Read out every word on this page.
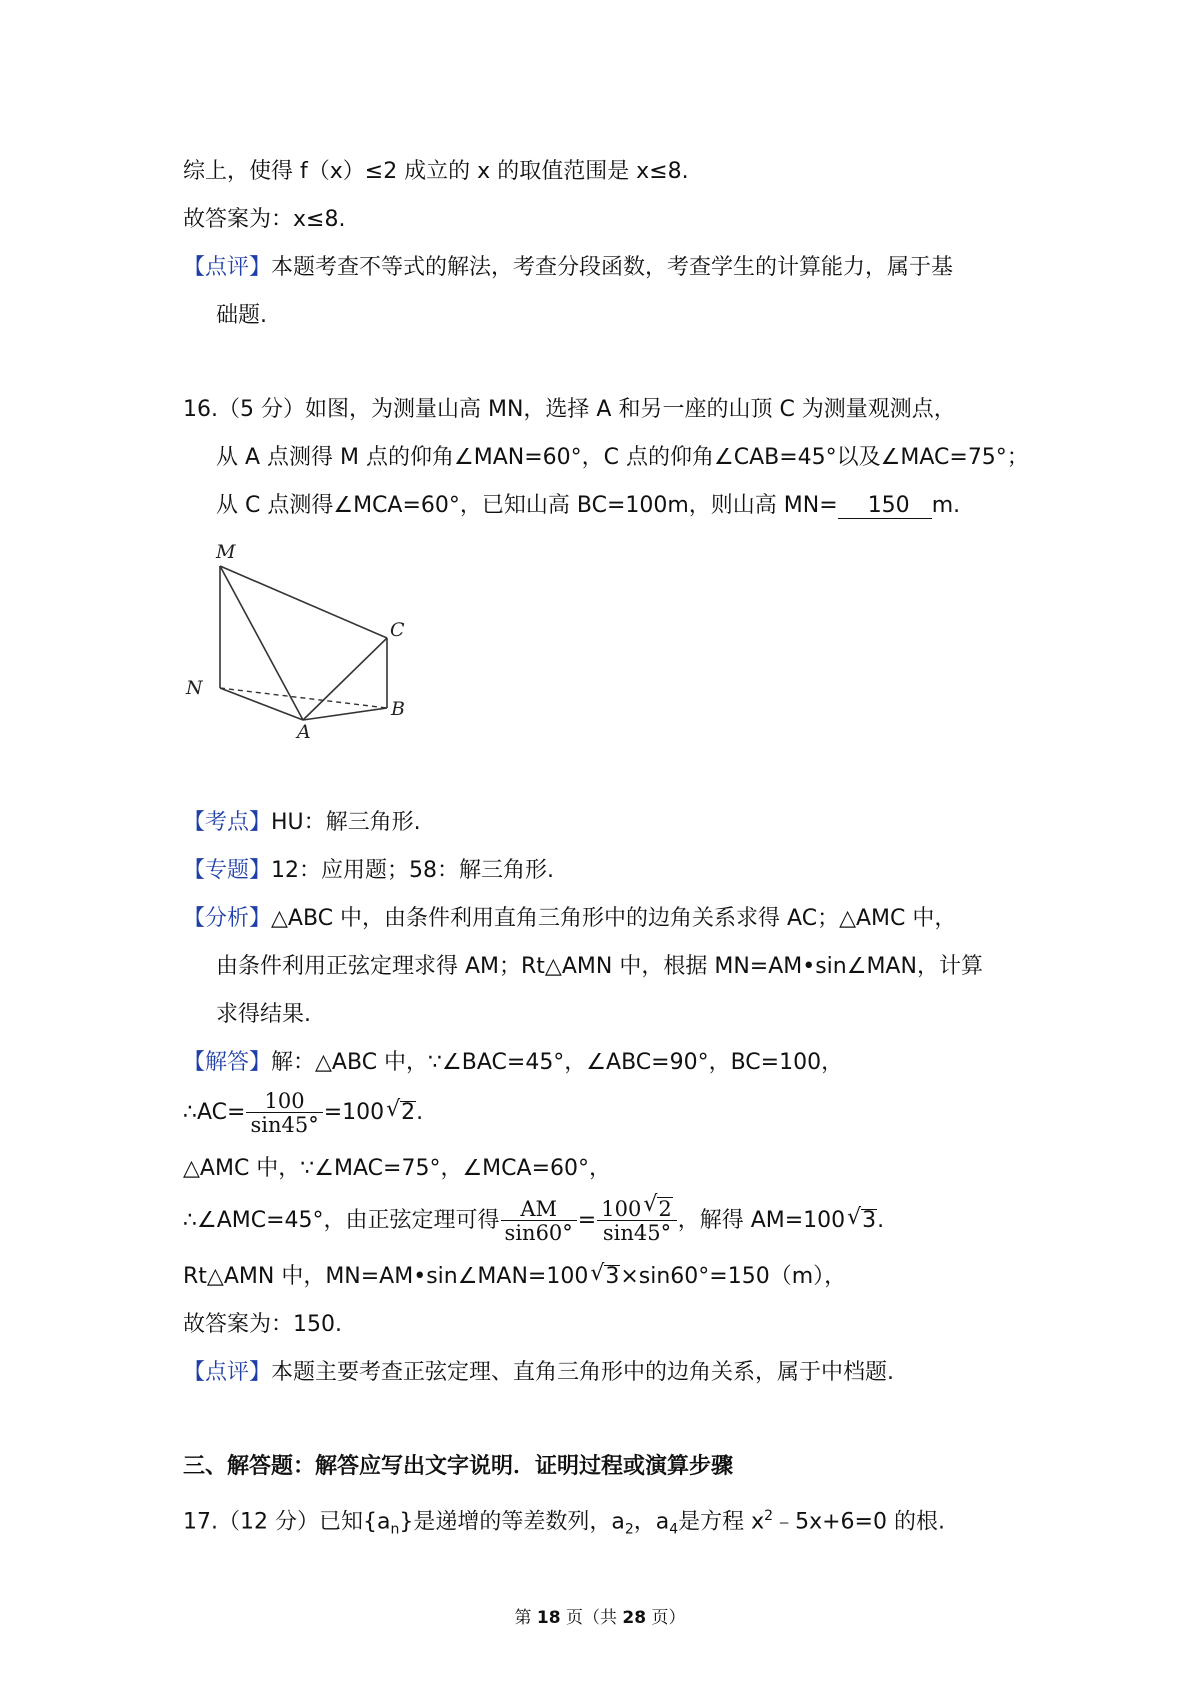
综上，使得 f（x）≤2 成立的 x 的取值范围是 x≤8.
故答案为：x≤8.
【点评】本题考查不等式的解法，考查分段函数，考查学生的计算能力，属于基
础题.
16.（5 分）如图，为测量山高 MN，选择 A 和另一座的山顶 C 为测量观测点，
从 A 点测得 M 点的仰角∠MAN=60°，C 点的仰角∠CAB=45°以及∠MAC=75°；
从 C 点测得∠MCA=60°，已知山高 BC=100m，则山高 MN= 150 m.
M
C
N
A
B
【考点】HU：解三角形.
【专题】12：应用题；58：解三角形.
【分析】△ABC 中，由条件利用直角三角形中的边角关系求得 AC；△AMC 中，
由条件利用正弦定理求得 AM；Rt△AMN 中，根据 MN=AM•sin∠MAN，计算
求得结果.
【解答】解：△ABC 中，∵∠BAC=45°，∠ABC=90°，BC=100，
∴AC= $\frac{100}{\sin 45^\circ} =100√$ 2.
△AMC 中，∵∠MAC=75°，∠MCA=60°，
∴∠AMC=45°，由正弦定理可得 $\frac{AM}{\sin 60^\circ} = \frac{100√ 2}{\sin 45^\circ}$ ，解得 AM=100√ 3.
Rt△AMN 中，MN=AM•sin∠MAN=100√ 3×sin60°=150（m），
故答案为：150.
【点评】本题主要考查正弦定理、直角三角形中的边角关系，属于中档题.
三、解答题：解答应写出文字说明．证明过程或演算步骤
17.（12 分）已知$\{a_n\}$是递增的等差数列，$a_2$，$a_4$是方程 $x^2﹣5x+6=0$ 的根.
第 18 页（共 28 页）
